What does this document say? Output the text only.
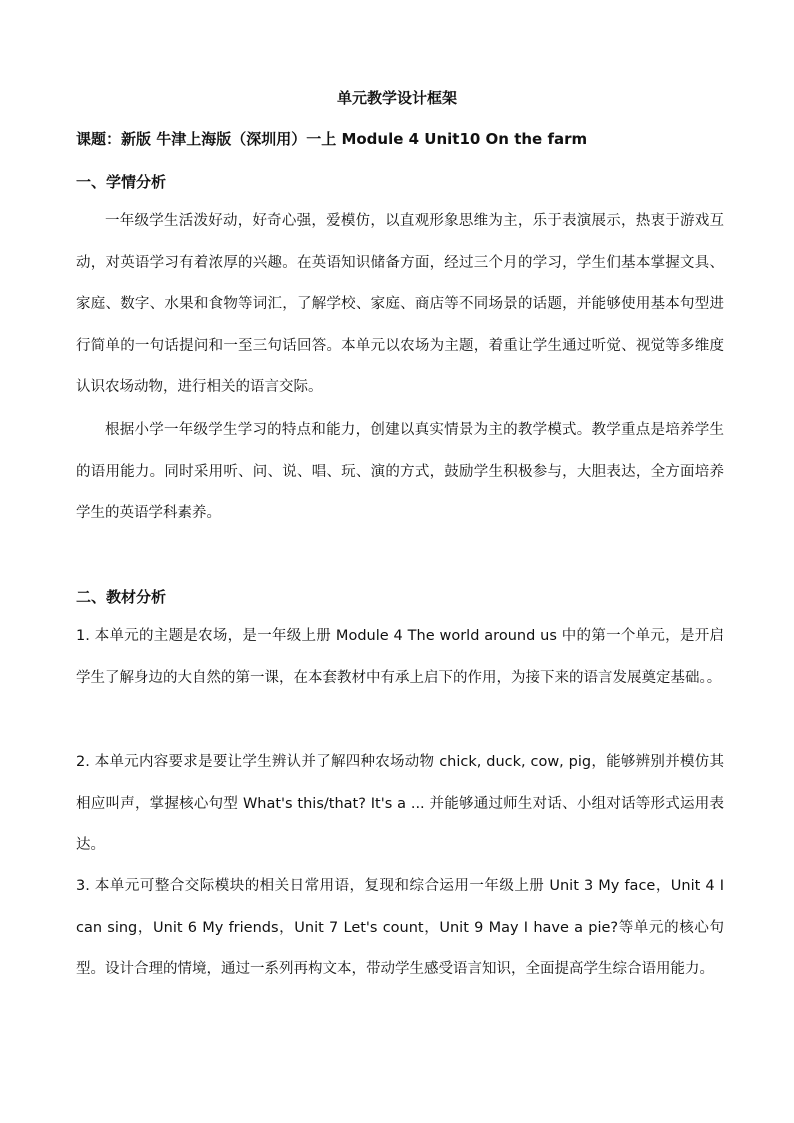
单元教学设计框架
课题：新版 牛津上海版（深圳用）一上 Module 4 Unit10 On the farm
一、学情分析

一年级学生活泼好动，好奇心强，爱模仿，以直观形象思维为主，乐于表演展示，热衷于游戏互动，对英语学习有着浓厚的兴趣。在英语知识储备方面，经过三个月的学习，学生们基本掌握文具、家庭、数字、水果和食物等词汇，了解学校、家庭、商店等不同场景的话题，并能够使用基本句型进行简单的一句话提问和一至三句话回答。本单元以农场为主题，着重让学生通过听觉、视觉等多维度认识农场动物，进行相关的语言交际。

根据小学一年级学生学习的特点和能力，创建以真实情景为主的教学模式。教学重点是培养学生的语用能力。同时采用听、问、说、唱、玩、演的方式，鼓励学生积极参与，大胆表达，全方面培养学生的英语学科素养。

二、教材分析

1. 本单元的主题是农场，是一年级上册 Module 4 The world around us 中的第一个单元，是开启学生了解身边的大自然的第一课，在本套教材中有承上启下的作用，为接下来的语言发展奠定基础。。

2. 本单元内容要求是要让学生辨认并了解四种农场动物 chick, duck, cow, pig，能够辨别并模仿其相应叫声，掌握核心句型 What's this/that? It's a ... 并能够通过师生对话、小组对话等形式运用表达。

3. 本单元可整合交际模块的相关日常用语，复现和综合运用一年级上册 Unit 3 My face，Unit 4 I can sing，Unit 6 My friends，Unit 7 Let's count，Unit 9 May I have a pie?等单元的核心句型。设计合理的情境，通过一系列再构文本，带动学生感受语言知识，全面提高学生综合语用能力。
